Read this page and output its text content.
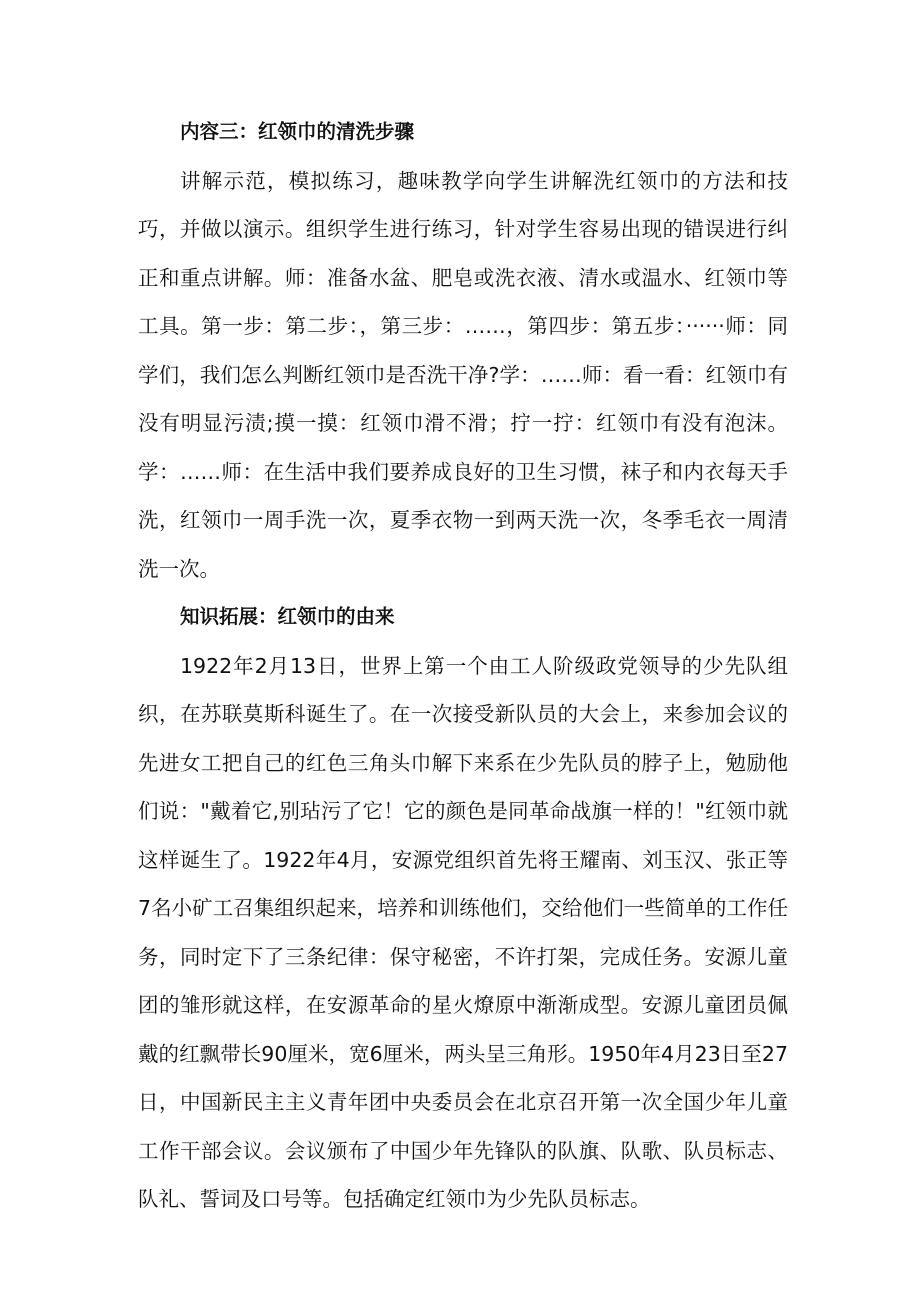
内容三：红领巾的清洗步骤

讲解示范，模拟练习，趣味教学向学生讲解洗红领巾的方法和技巧，并做以演示。组织学生进行练习，针对学生容易出现的错误进行纠正和重点讲解。师：准备水盆、肥皂或洗衣液、清水或温水、红领巾等工具。第一步：第二步：，第三步：……，第四步：第五步：······师：同学们，我们怎么判断红领巾是否洗干净?学：……师：看一看：红领巾有没有明显污渍;摸一摸：红领巾滑不滑；拧一拧：红领巾有没有泡沫。学：……师：在生活中我们要养成良好的卫生习惯，袜子和内衣每天手洗，红领巾一周手洗一次，夏季衣物一到两天洗一次，冬季毛衣一周清洗一次。

知识拓展：红领巾的由来

1922年2月13日，世界上第一个由工人阶级政党领导的少先队组织，在苏联莫斯科诞生了。在一次接受新队员的大会上，来参加会议的先进女工把自己的红色三角头巾解下来系在少先队员的脖子上，勉励他们说："戴着它,别玷污了它！它的颜色是同革命战旗一样的！"红领巾就这样诞生了。1922年4月，安源党组织首先将王耀南、刘玉汉、张正等7名小矿工召集组织起来，培养和训练他们，交给他们一些简单的工作任务，同时定下了三条纪律：保守秘密，不许打架，完成任务。安源儿童团的雏形就这样，在安源革命的星火燎原中渐渐成型。安源儿童团员佩戴的红飘带长90厘米，宽6厘米，两头呈三角形。1950年4月23日至27日，中国新民主主义青年团中央委员会在北京召开第一次全国少年儿童工作干部会议。会议颁布了中国少年先锋队的队旗、队歌、队员标志、队礼、誓词及口号等。包括确定红领巾为少先队员标志。
